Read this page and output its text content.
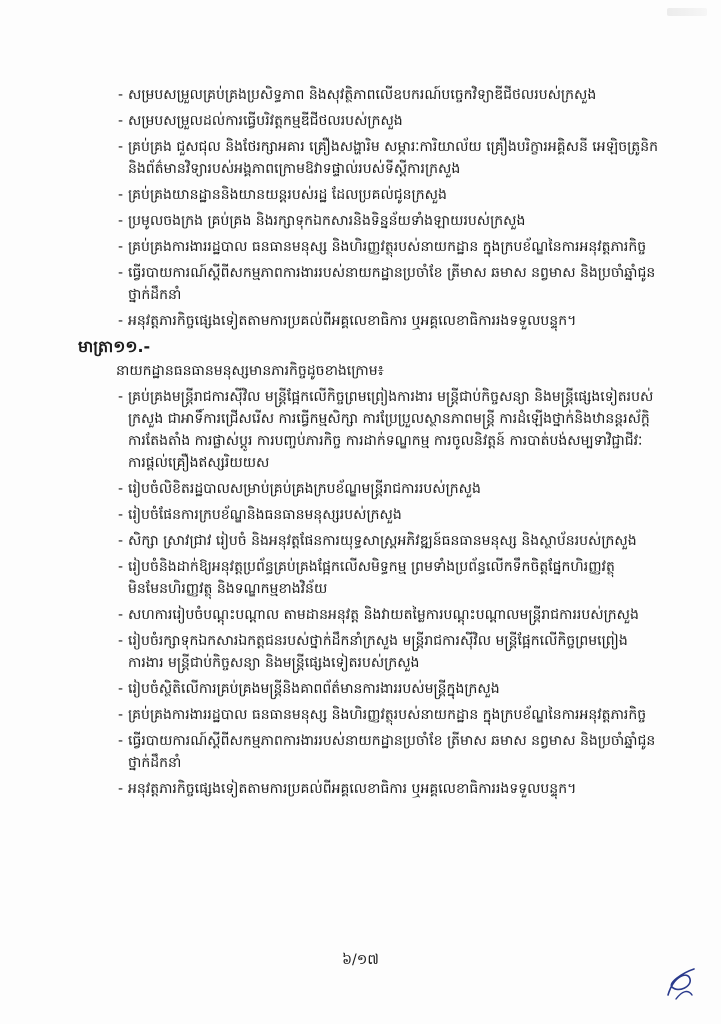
- សម្របសម្រួលគ្រប់គ្រងប្រសិទ្ធភាព និងសុវត្ថិភាពលើឧបករណ៍បច្ចេកវិទ្យាឌីជីថលរបស់ក្រសួង
- សម្របសម្រួលដល់ការធ្វើបរិវត្តកម្មឌីជីថលរបស់ក្រសួង
- គ្រប់គ្រង ជួសជុល និងថែរក្សាអគារ គ្រឿងសង្ហារិម សម្ភារៈការិយាល័យ គ្រឿងបរិក្ខារអគ្គិសនី អេឡិចត្រូនិកនិងព័ត៌មានវិទ្យារបស់អង្គភាពក្រោមឱវាទផ្ទាល់របស់ទីស្តីការក្រសួង
- គ្រប់គ្រងយានដ្ឋាននិងយានយន្តរបស់រដ្ឋ ដែលប្រគល់ជូនក្រសួង
- ប្រមូលចងក្រង គ្រប់គ្រង និងរក្សាទុកឯកសារនិងទិន្នន័យទាំងឡាយរបស់ក្រសួង
- គ្រប់គ្រងការងាររដ្ឋបាល ធនធានមនុស្ស និងហិរញ្ញវត្ថុរបស់នាយកដ្ឋាន ក្នុងក្របខ័ណ្ឌនៃការអនុវត្តភារកិច្ច
- ធ្វើរបាយការណ៍ស្តីពីសកម្មភាពការងាររបស់នាយកដ្ឋានប្រចាំខែ ត្រីមាស ឆមាស នព្វមាស និងប្រចាំឆ្នាំជូនថ្នាក់ដឹកនាំ
- អនុវត្តភារកិច្ចផ្សេងទៀតតាមការប្រគល់ពីអគ្គលេខាធិការ ឬអគ្គលេខាធិការរងទទួលបន្ទុក។
មាត្រា១១.-
នាយកដ្ឋានធនធានមនុស្សមានភារកិច្ចដូចខាងក្រោម៖
- គ្រប់គ្រងមន្ត្រីរាជការស៊ីវិល មន្ត្រីផ្អែកលើកិច្ចព្រមព្រៀងការងារ មន្ត្រីជាប់កិច្ចសន្យា និងមន្ត្រីផ្សេងទៀតរបស់ក្រសួង ជាអាទិ៍ការជ្រើសរើស ការធ្វើកម្មសិក្សា ការប្រែប្រួលស្ថានភាពមន្ត្រី ការដំឡើងថ្នាក់និងឋានន្តរស័ក្តិ ការតែងតាំង ការផ្លាស់ប្តូរ ការបញ្ចប់ភារកិច្ច ការដាក់ទណ្ឌកម្ម ការចូលនិវត្តន៍ ការបាត់បង់សម្បទាវិជ្ជាជីវៈ ការផ្តល់គ្រឿងឥស្សរិយយស
- រៀបចំលិខិតរដ្ឋបាលសម្រាប់គ្រប់គ្រងក្របខ័ណ្ឌមន្ត្រីរាជការរបស់ក្រសួង
- រៀបចំផែនការក្របខ័ណ្ឌនិងធនធានមនុស្សរបស់ក្រសួង
- សិក្សា ស្រាវជ្រាវ រៀបចំ និងអនុវត្តផែនការយុទ្ធសាស្ត្រអភិវឌ្ឍន៍ធនធានមនុស្ស និងស្ថាប័នរបស់ក្រសួង
- រៀបចំនិងដាក់ឱ្យអនុវត្តប្រព័ន្ធគ្រប់គ្រងផ្អែកលើសមិទ្ធកម្ម ព្រមទាំងប្រព័ន្ធលើកទឹកចិត្តផ្នែកហិរញ្ញវត្ថុ មិនមែនហិរញ្ញវត្ថុ និងទណ្ឌកម្មខាងវិន័យ
- សហការរៀបចំបណ្តុះបណ្តាល តាមដានអនុវត្ត និងវាយតម្លៃការបណ្តុះបណ្តាលមន្ត្រីរាជការរបស់ក្រសួង
- រៀបចំរក្សាទុកឯកសារឯកត្តជនរបស់ថ្នាក់ដឹកនាំក្រសួង មន្ត្រីរាជការស៊ីវិល មន្ត្រីផ្អែកលើកិច្ចព្រមព្រៀងការងារ មន្ត្រីជាប់កិច្ចសន្យា និងមន្ត្រីផ្សេងទៀតរបស់ក្រសួង
- រៀបចំស្ថិតិលើការគ្រប់គ្រងមន្ត្រីនិងគាពព័ត៌មានការងាររបស់មន្ត្រីក្នុងក្រសួង
- គ្រប់គ្រងការងាររដ្ឋបាល ធនធានមនុស្ស និងហិរញ្ញវត្ថុរបស់នាយកដ្ឋាន ក្នុងក្របខ័ណ្ឌនៃការអនុវត្តភារកិច្ច
- ធ្វើរបាយការណ៍ស្តីពីសកម្មភាពការងាររបស់នាយកដ្ឋានប្រចាំខែ ត្រីមាស ឆមាស នព្វមាស និងប្រចាំឆ្នាំជូនថ្នាក់ដឹកនាំ
- អនុវត្តភារកិច្ចផ្សេងទៀតតាមការប្រគល់ពីអគ្គលេខាធិការ ឬអគ្គលេខាធិការរងទទួលបន្ទុក។
៦/១៧
